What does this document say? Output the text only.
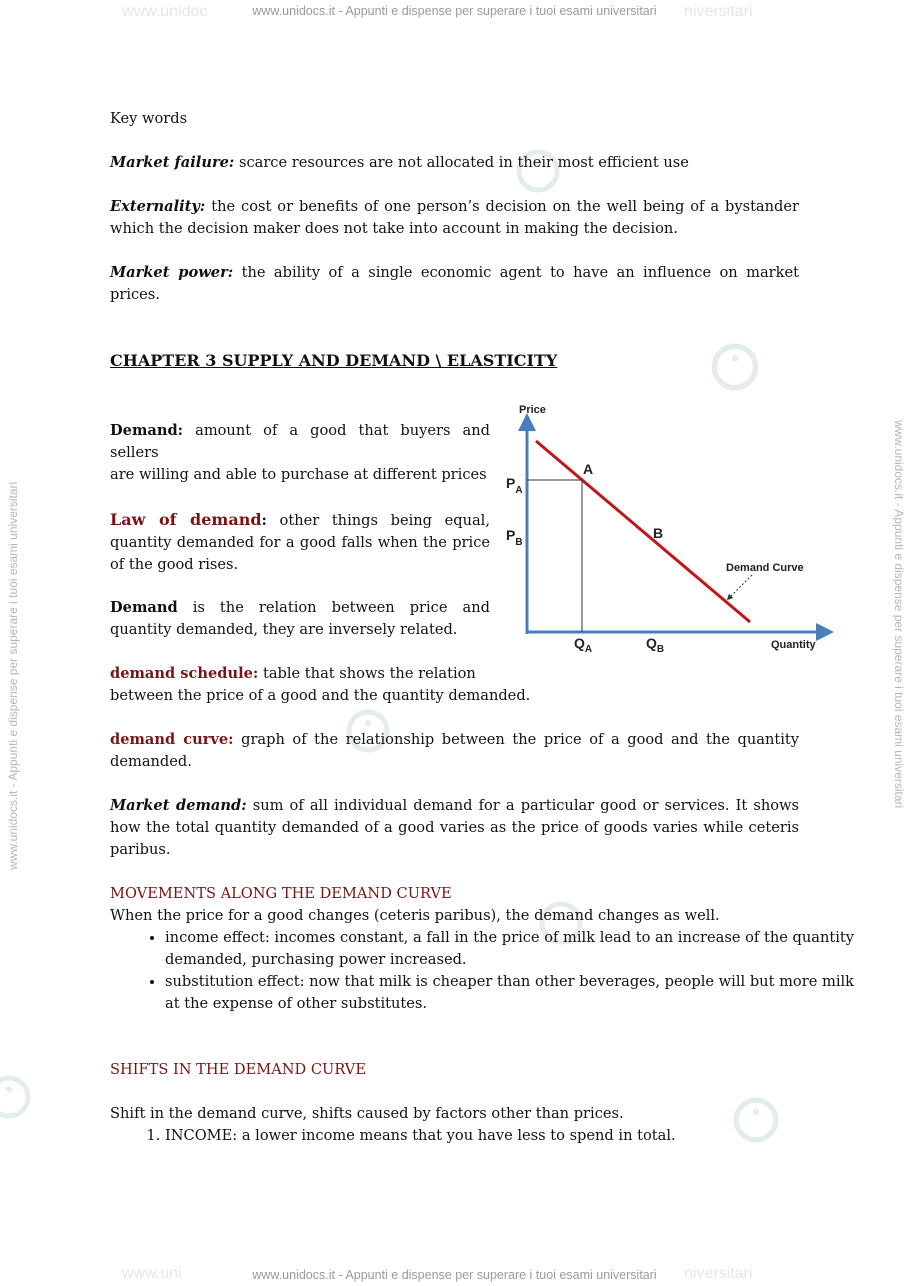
www.unidoc	niversitari
www.unidocs.it - Appunti e dispense per superare i tuoi esami universitari
www.uni	niversitari
www.unidocs.it - Appunti e dispense per superare i tuoi esami universitari
www.unidocs.it - Appunti e dispense per superare i tuoi esami universitari	www.unidocs.it - Appunti e dispense per superare i tuoi esami universitari

Key words

Market failure: scarce resources are not allocated in their most efficient use

Externality: the cost or benefits of one person’s decision on the well being of a bystander which the decision maker does not take into account in making the decision.

Market power: the ability of a single economic agent to have an influence on market prices.

CHAPTER 3 SUPPLY AND DEMAND \ ELASTICITY

Demand: amount of a good that buyers and sellers

are willing and able to purchase at different prices

Law of demand: other things being equal, quantity demanded for a good falls when the price of the good rises.

Demand is the relation between price and quantity demanded, they are inversely related.

demand schedule: table that shows the relation
between the price of a good and the quantity demanded.

demand curve: graph of the relationship between the price of a good and the quantity demanded.

Market demand: sum of all individual demand for a particular good or services. It shows how the total quantity demanded of a good varies as the price of goods varies while ceteris paribus.

MOVEMENTS ALONG THE DEMAND CURVE

When the price for a good changes (ceteris paribus), the demand changes as well.

• income effect: incomes constant, a fall in the price of milk lead to an increase of the quantity demanded, purchasing power increased.
• substitution effect: now that milk is cheaper than other beverages, people will but more milk at the expense of other substitutes.

SHIFTS IN THE DEMAND CURVE

Shift in the demand curve, shifts caused by factors other than prices.

1. INCOME: a lower income means that you have less to spend in total.
Price
Quantity
A
B
$P_A$
$P_B$
$Q_A$	$Q_B$
Demand Curve
